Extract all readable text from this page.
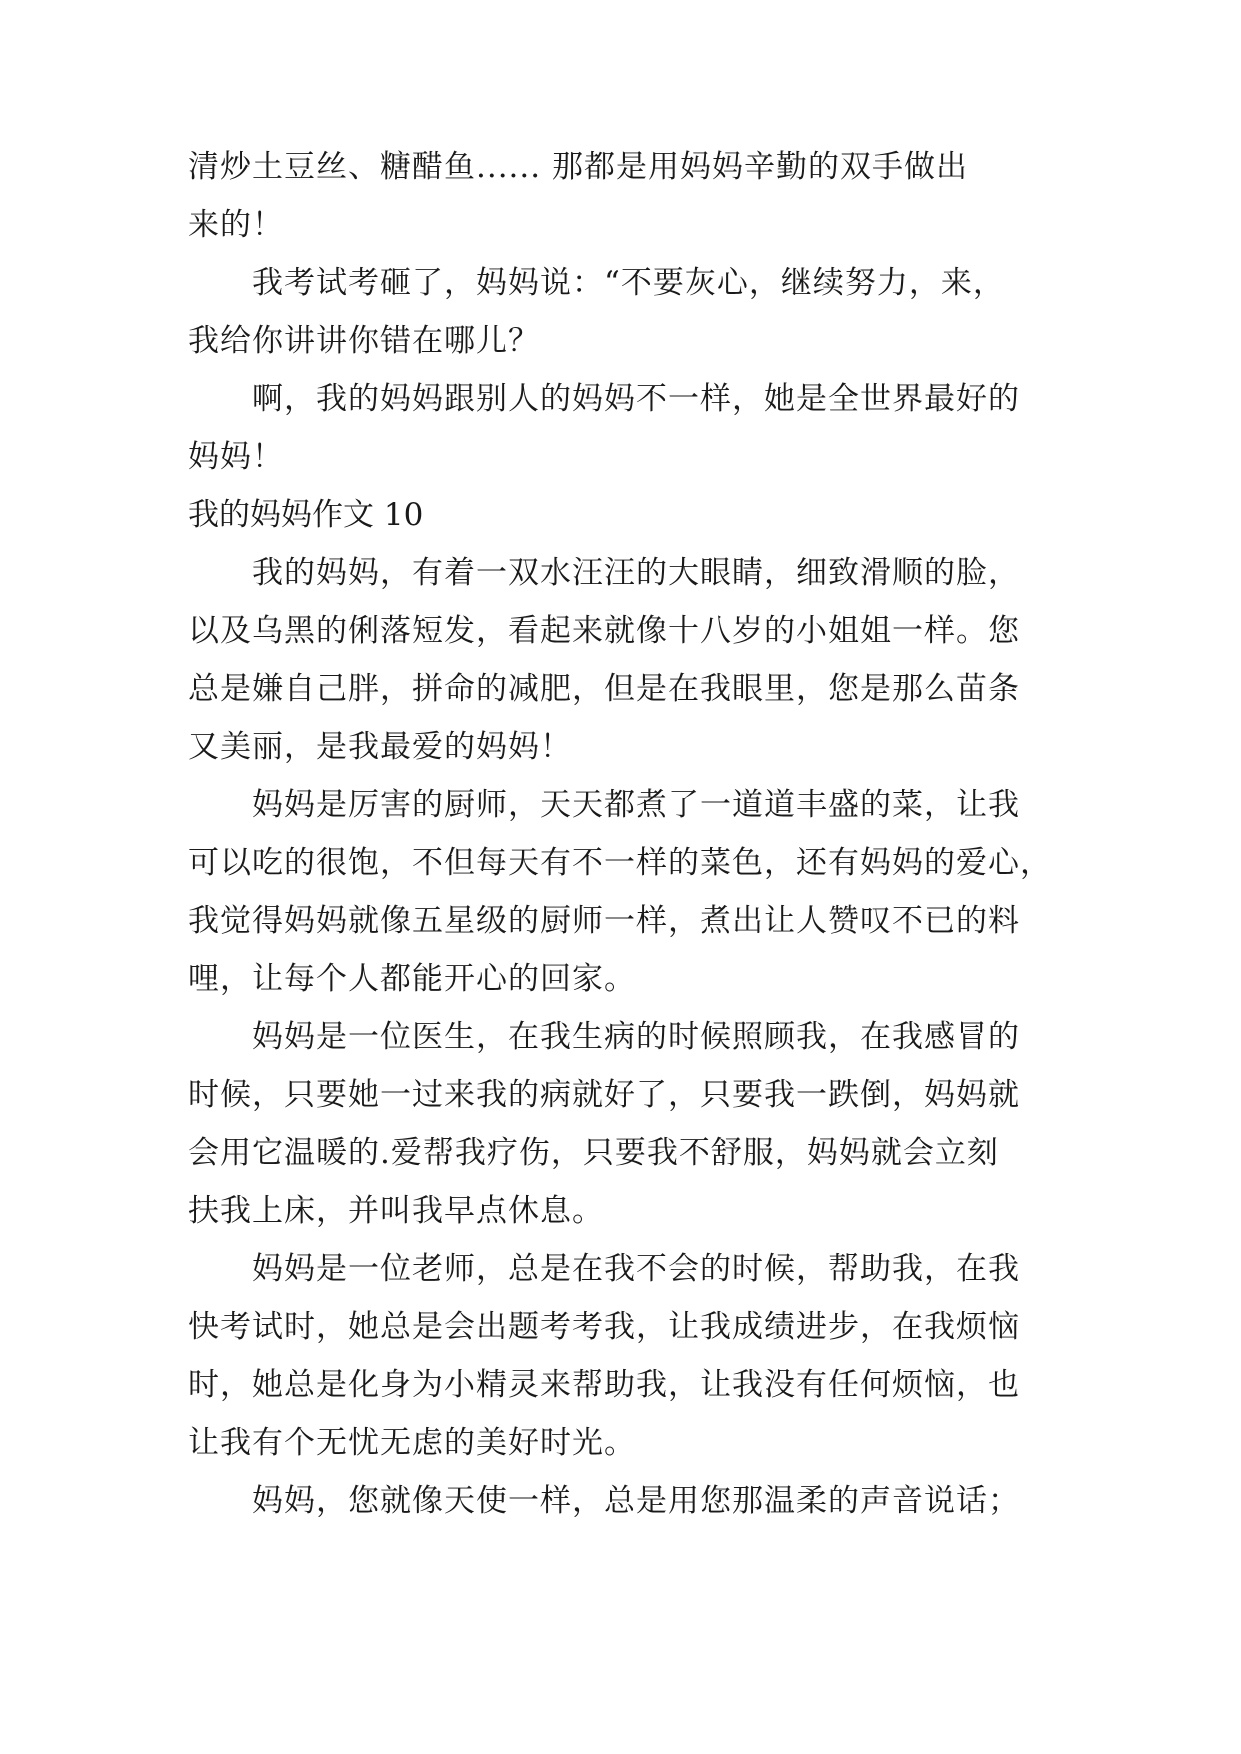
清炒土豆丝、糖醋鱼...... 那都是用妈妈辛勤的双手做出
来的！
我考试考砸了，妈妈说：“不要灰心，继续努力，来，
我给你讲讲你错在哪儿？
啊，我的妈妈跟别人的妈妈不一样，她是全世界最好的
妈妈！
我的妈妈作文 10
我的妈妈，有着一双水汪汪的大眼睛，细致滑顺的脸，
以及乌黑的俐落短发，看起来就像十八岁的小姐姐一样。您
总是嫌自己胖，拼命的减肥，但是在我眼里，您是那么苗条
又美丽，是我最爱的妈妈！
妈妈是厉害的厨师，天天都煮了一道道丰盛的菜，让我
可以吃的很饱，不但每天有不一样的菜色，还有妈妈的爱心，
我觉得妈妈就像五星级的厨师一样，煮出让人赞叹不已的料
哩，让每个人都能开心的回家。
妈妈是一位医生，在我生病的时候照顾我，在我感冒的
时候，只要她一过来我的病就好了，只要我一跌倒，妈妈就
会用它温暖的.爱帮我疗伤，只要我不舒服，妈妈就会立刻
扶我上床，并叫我早点休息。
妈妈是一位老师，总是在我不会的时候，帮助我，在我
快考试时，她总是会出题考考我，让我成绩进步，在我烦恼
时，她总是化身为小精灵来帮助我，让我没有任何烦恼，也
让我有个无忧无虑的美好时光。
妈妈，您就像天使一样，总是用您那温柔的声音说话；
